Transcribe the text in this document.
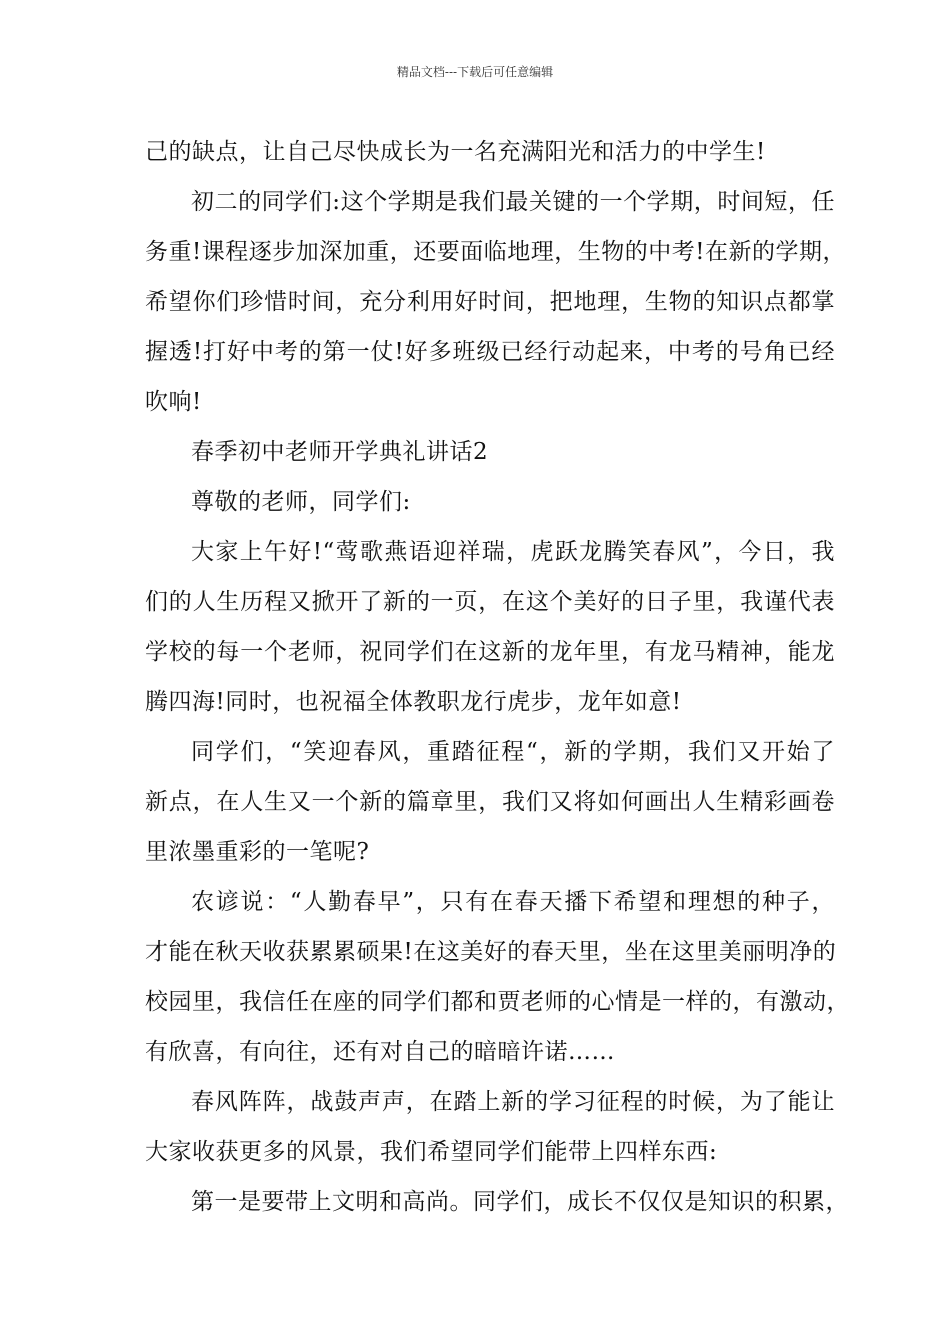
精品文档---下载后可任意编辑
己的缺点，让自己尽快成长为一名充满阳光和活力的中学生!
初二的同学们:这个学期是我们最关键的一个学期，时间短，任
务重!课程逐步加深加重，还要面临地理，生物的中考!在新的学期，
希望你们珍惜时间，充分利用好时间，把地理，生物的知识点都掌
握透!打好中考的第一仗!好多班级已经行动起来，中考的号角已经
吹响!
春季初中老师开学典礼讲话2
尊敬的老师，同学们:
大家上午好!“莺歌燕语迎祥瑞，虎跃龙腾笑春风”，今日，我
们的人生历程又掀开了新的一页，在这个美好的日子里，我谨代表
学校的每一个老师，祝同学们在这新的龙年里，有龙马精神，能龙
腾四海!同时，也祝福全体教职龙行虎步，龙年如意!
同学们，“笑迎春风，重踏征程“，新的学期，我们又开始了
新点，在人生又一个新的篇章里，我们又将如何画出人生精彩画卷
里浓墨重彩的一笔呢?
农谚说：“人勤春早”，只有在春天播下希望和理想的种子，
才能在秋天收获累累硕果!在这美好的春天里，坐在这里美丽明净的
校园里，我信任在座的同学们都和贾老师的心情是一样的，有激动，
有欣喜，有向往，还有对自己的暗暗许诺……
春风阵阵，战鼓声声，在踏上新的学习征程的时候，为了能让
大家收获更多的风景，我们希望同学们能带上四样东西:
第一是要带上文明和高尚。同学们，成长不仅仅是知识的积累，
